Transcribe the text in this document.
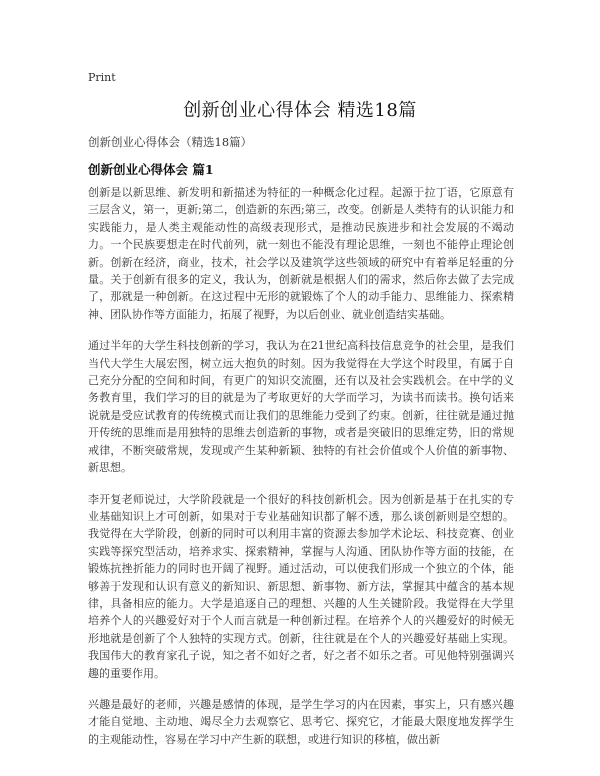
Print
创新创业心得体会 精选18篇

创新创业心得体会（精选18篇）

创新创业心得体会 篇1

创新是以新思维、新发明和新描述为特征的一种概念化过程。起源于拉丁语，它原意有三层含义，第一，更新;第二，创造新的东西;第三，改变。创新是人类特有的认识能力和实践能力，是人类主观能动性的高级表现形式，是推动民族进步和社会发展的不竭动力。一个民族要想走在时代前列，就一刻也不能没有理论思维，一刻也不能停止理论创新。创新在经济，商业，技术，社会学以及建筑学这些领域的研究中有着举足轻重的分量。关于创新有很多的定义，我认为，创新就是根据人们的需求，然后你去做了去完成了，那就是一种创新。在这过程中无形的就锻炼了个人的动手能力、思维能力、探索精神、团队协作等方面能力，拓展了视野，为以后创业、就业创造结实基础。

通过半年的大学生科技创新的学习，我认为在21世纪高科技信息竞争的社会里，是我们当代大学生大展宏图，树立远大抱负的时刻。因为我觉得在大学这个时段里，有属于自己充分分配的空间和时间，有更广的知识交流圈，还有以及社会实践机会。在中学的义务教育里，我们学习的目的就是为了考取更好的大学而学习，为读书而读书。换句话来说就是受应试教育的传统模式而让我们的思维能力受到了约束。创新，往往就是通过抛开传统的思维而是用独特的思维去创造新的事物，或者是突破旧的思维定势，旧的常规戒律，不断突破常规，发现或产生某种新颖、独特的有社会价值或个人价值的新事物、新思想。

李开复老师说过，大学阶段就是一个很好的科技创新机会。因为创新是基于在扎实的专业基础知识上才可创新，如果对于专业基础知识都了解不透，那么谈创新则是空想的。我觉得在大学阶段，创新的同时可以利用丰富的资源去参加学术论坛、科技竞赛、创业实践等探究型活动，培养求实、探索精神，掌握与人沟通、团队协作等方面的技能，在锻炼抗挫折能力的同时也开阔了视野。通过活动，可以使我们形成一个独立的个体，能够善于发现和认识有意义的新知识、新思想、新事物、新方法，掌握其中蕴含的基本规律，具备相应的能力。大学是追逐自己的理想、兴趣的人生关键阶段。我觉得在大学里培养个人的兴趣爱好对于个人而言就是一种创新过程。在培养个人的兴趣爱好的时候无形地就是创新了个人独特的实现方式。创新，往往就是在个人的兴趣爱好基础上实现。我国伟大的教育家孔子说，知之者不如好之者，好之者不如乐之者。可见他特别强调兴趣的重要作用。

兴趣是最好的老师，兴趣是感情的体现，是学生学习的内在因素，事实上，只有感兴趣才能自觉地、主动地、竭尽全力去观察它、思考它、探究它，才能最大限度地发挥学生的主观能动性，容易在学习中产生新的联想，或进行知识的移植，做出新
